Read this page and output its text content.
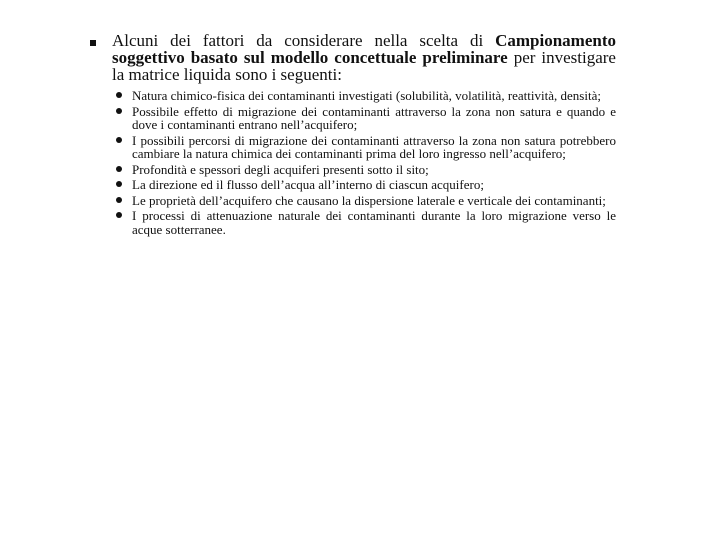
Alcuni dei fattori da considerare nella scelta di Campionamento soggettivo basato sul modello concettuale preliminare per investigare la matrice liquida sono i seguenti:
Natura chimico-fisica dei contaminanti investigati (solubilità, volatilità, reattività, densità;
Possibile effetto di migrazione dei contaminanti attraverso la zona non satura e quando e dove i contaminanti entrano nell’acquifero;
I possibili percorsi di migrazione dei contaminanti attraverso la zona non satura potrebbero cambiare la natura chimica dei contaminanti prima del loro ingresso nell’acquifero;
Profondità e spessori degli acquiferi presenti sotto il sito;
La direzione ed il flusso dell’acqua all’interno di ciascun acquifero;
Le proprietà dell’acquifero che causano la dispersione laterale e verticale dei contaminanti;
I processi di attenuazione naturale dei contaminanti durante la loro migrazione verso le acque sotterranee.
